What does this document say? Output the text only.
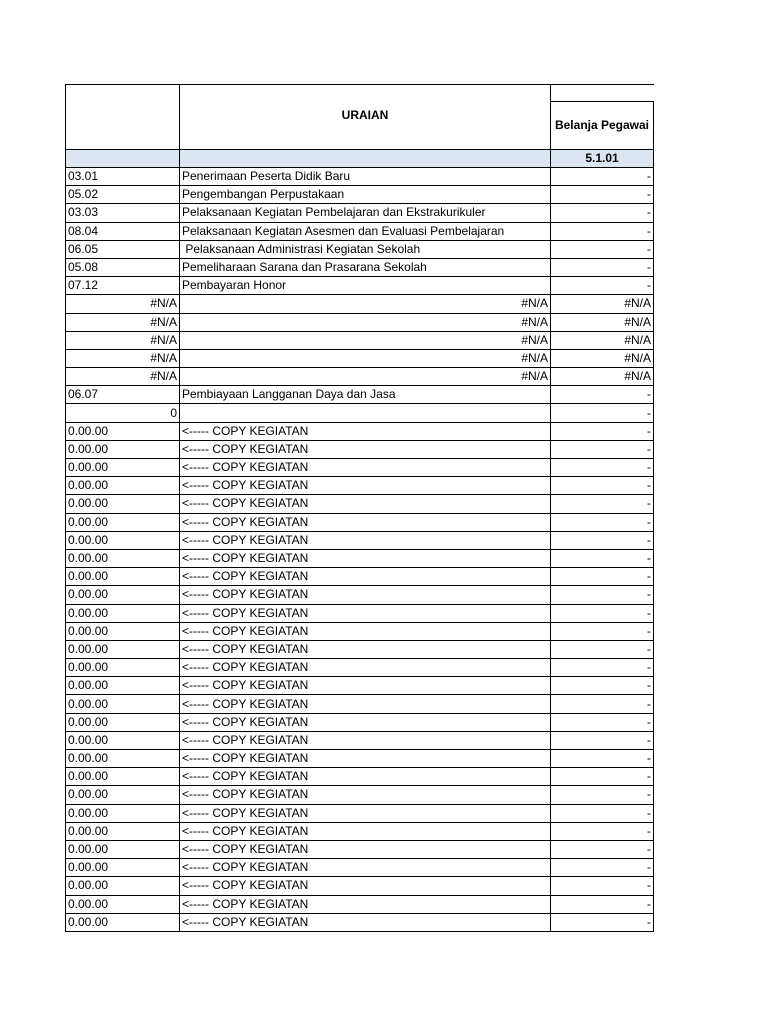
	URAIAN	
		Belanja Pegawai
		5.1.01
03.01	Penerimaan Peserta Didik Baru	-
05.02	Pengembangan Perpustakaan	-
03.03	Pelaksanaan Kegiatan Pembelajaran dan Ekstrakurikuler	-
08.04	Pelaksanaan Kegiatan Asesmen dan Evaluasi Pembelajaran	-
06.05	Pelaksanaan Administrasi Kegiatan Sekolah	-
05.08	Pemeliharaan Sarana dan Prasarana Sekolah	-
07.12	Pembayaran Honor	-
#N/A	#N/A	#N/A
#N/A	#N/A	#N/A
#N/A	#N/A	#N/A
#N/A	#N/A	#N/A
#N/A	#N/A	#N/A
06.07	Pembiayaan Langganan Daya dan Jasa	-
0		-
0.00.00	<----- COPY KEGIATAN	-
0.00.00	<----- COPY KEGIATAN	-
0.00.00	<----- COPY KEGIATAN	-
0.00.00	<----- COPY KEGIATAN	-
0.00.00	<----- COPY KEGIATAN	-
0.00.00	<----- COPY KEGIATAN	-
0.00.00	<----- COPY KEGIATAN	-
0.00.00	<----- COPY KEGIATAN	-
0.00.00	<----- COPY KEGIATAN	-
0.00.00	<----- COPY KEGIATAN	-
0.00.00	<----- COPY KEGIATAN	-
0.00.00	<----- COPY KEGIATAN	-
0.00.00	<----- COPY KEGIATAN	-
0.00.00	<----- COPY KEGIATAN	-
0.00.00	<----- COPY KEGIATAN	-
0.00.00	<----- COPY KEGIATAN	-
0.00.00	<----- COPY KEGIATAN	-
0.00.00	<----- COPY KEGIATAN	-
0.00.00	<----- COPY KEGIATAN	-
0.00.00	<----- COPY KEGIATAN	-
0.00.00	<----- COPY KEGIATAN	-
0.00.00	<----- COPY KEGIATAN	-
0.00.00	<----- COPY KEGIATAN	-
0.00.00	<----- COPY KEGIATAN	-
0.00.00	<----- COPY KEGIATAN	-
0.00.00	<----- COPY KEGIATAN	-
0.00.00	<----- COPY KEGIATAN	-
0.00.00	<----- COPY KEGIATAN	-
